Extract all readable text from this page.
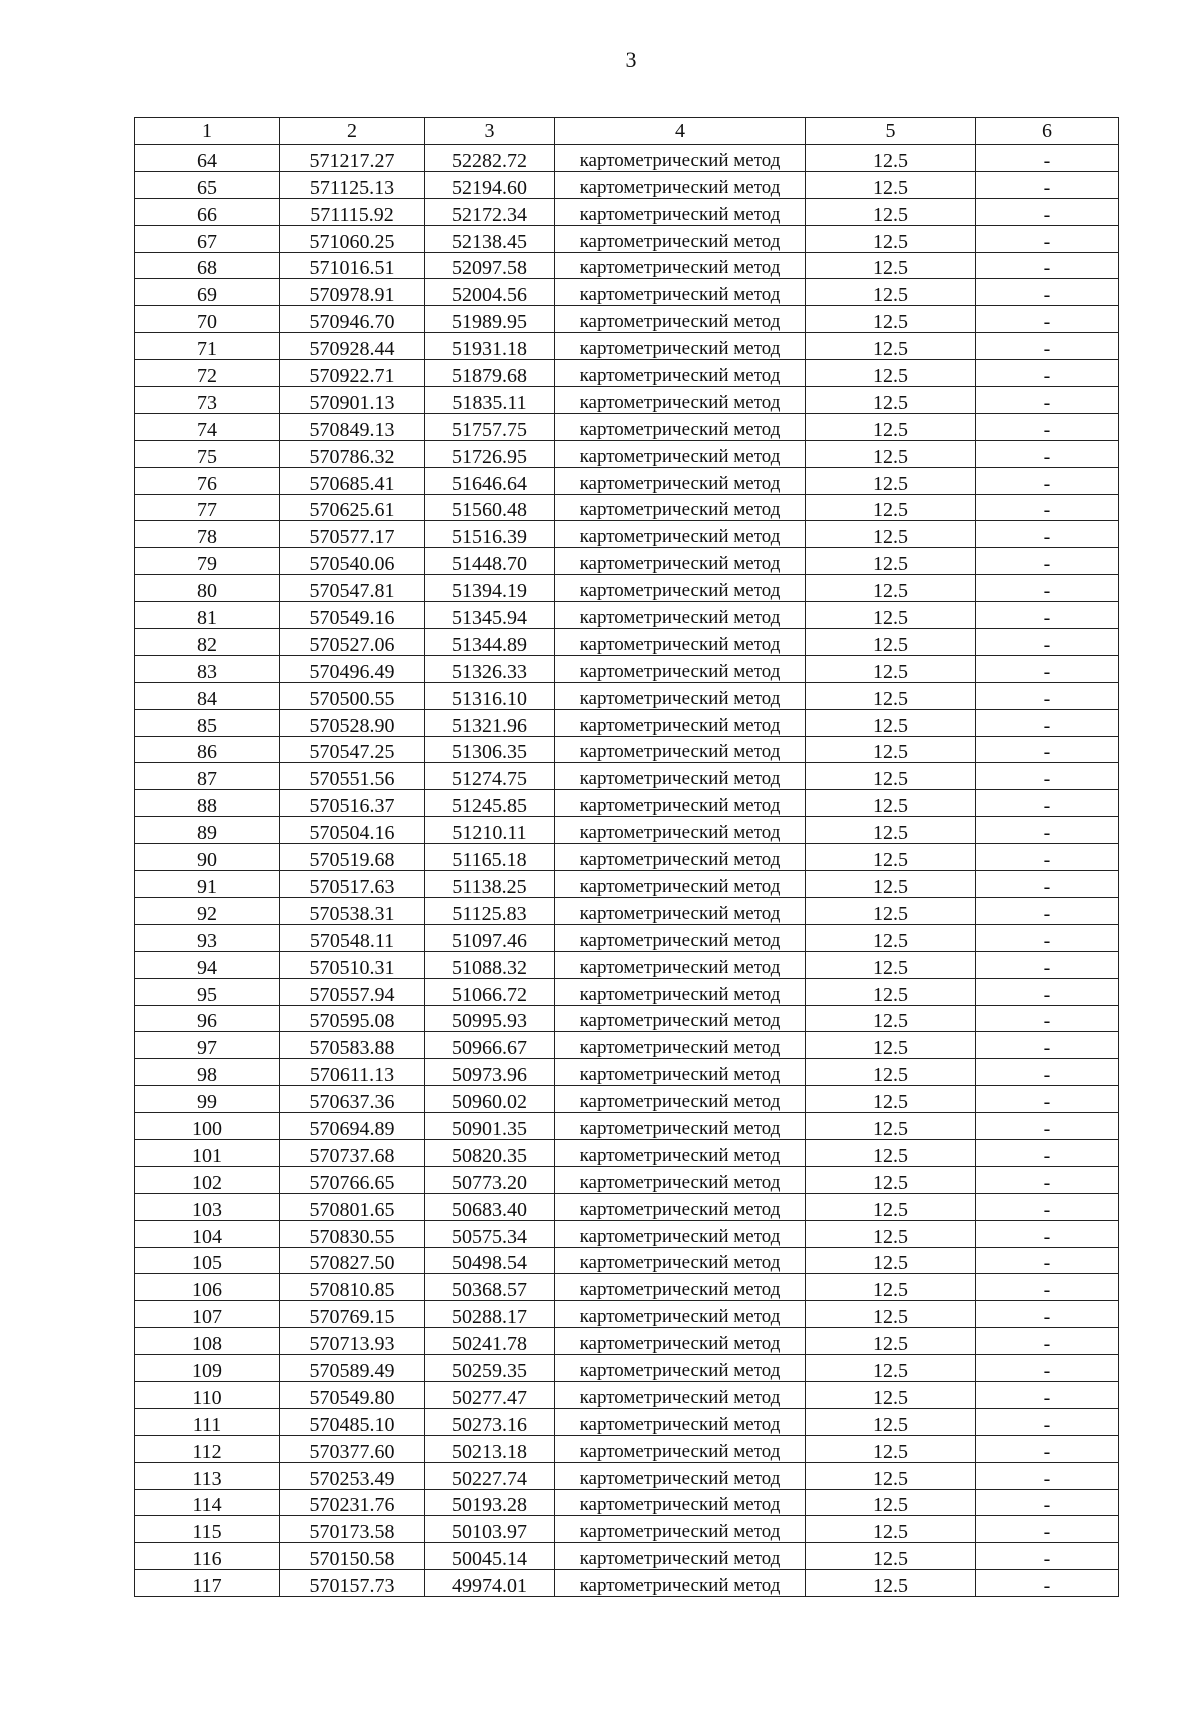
3
1	2	3	4	5	6
64	571217.27	52282.72	картометрический метод	12.5	-
65	571125.13	52194.60	картометрический метод	12.5	-
66	571115.92	52172.34	картометрический метод	12.5	-
67	571060.25	52138.45	картометрический метод	12.5	-
68	571016.51	52097.58	картометрический метод	12.5	-
69	570978.91	52004.56	картометрический метод	12.5	-
70	570946.70	51989.95	картометрический метод	12.5	-
71	570928.44	51931.18	картометрический метод	12.5	-
72	570922.71	51879.68	картометрический метод	12.5	-
73	570901.13	51835.11	картометрический метод	12.5	-
74	570849.13	51757.75	картометрический метод	12.5	-
75	570786.32	51726.95	картометрический метод	12.5	-
76	570685.41	51646.64	картометрический метод	12.5	-
77	570625.61	51560.48	картометрический метод	12.5	-
78	570577.17	51516.39	картометрический метод	12.5	-
79	570540.06	51448.70	картометрический метод	12.5	-
80	570547.81	51394.19	картометрический метод	12.5	-
81	570549.16	51345.94	картометрический метод	12.5	-
82	570527.06	51344.89	картометрический метод	12.5	-
83	570496.49	51326.33	картометрический метод	12.5	-
84	570500.55	51316.10	картометрический метод	12.5	-
85	570528.90	51321.96	картометрический метод	12.5	-
86	570547.25	51306.35	картометрический метод	12.5	-
87	570551.56	51274.75	картометрический метод	12.5	-
88	570516.37	51245.85	картометрический метод	12.5	-
89	570504.16	51210.11	картометрический метод	12.5	-
90	570519.68	51165.18	картометрический метод	12.5	-
91	570517.63	51138.25	картометрический метод	12.5	-
92	570538.31	51125.83	картометрический метод	12.5	-
93	570548.11	51097.46	картометрический метод	12.5	-
94	570510.31	51088.32	картометрический метод	12.5	-
95	570557.94	51066.72	картометрический метод	12.5	-
96	570595.08	50995.93	картометрический метод	12.5	-
97	570583.88	50966.67	картометрический метод	12.5	-
98	570611.13	50973.96	картометрический метод	12.5	-
99	570637.36	50960.02	картометрический метод	12.5	-
100	570694.89	50901.35	картометрический метод	12.5	-
101	570737.68	50820.35	картометрический метод	12.5	-
102	570766.65	50773.20	картометрический метод	12.5	-
103	570801.65	50683.40	картометрический метод	12.5	-
104	570830.55	50575.34	картометрический метод	12.5	-
105	570827.50	50498.54	картометрический метод	12.5	-
106	570810.85	50368.57	картометрический метод	12.5	-
107	570769.15	50288.17	картометрический метод	12.5	-
108	570713.93	50241.78	картометрический метод	12.5	-
109	570589.49	50259.35	картометрический метод	12.5	-
110	570549.80	50277.47	картометрический метод	12.5	-
111	570485.10	50273.16	картометрический метод	12.5	-
112	570377.60	50213.18	картометрический метод	12.5	-
113	570253.49	50227.74	картометрический метод	12.5	-
114	570231.76	50193.28	картометрический метод	12.5	-
115	570173.58	50103.97	картометрический метод	12.5	-
116	570150.58	50045.14	картометрический метод	12.5	-
117	570157.73	49974.01	картометрический метод	12.5	-
